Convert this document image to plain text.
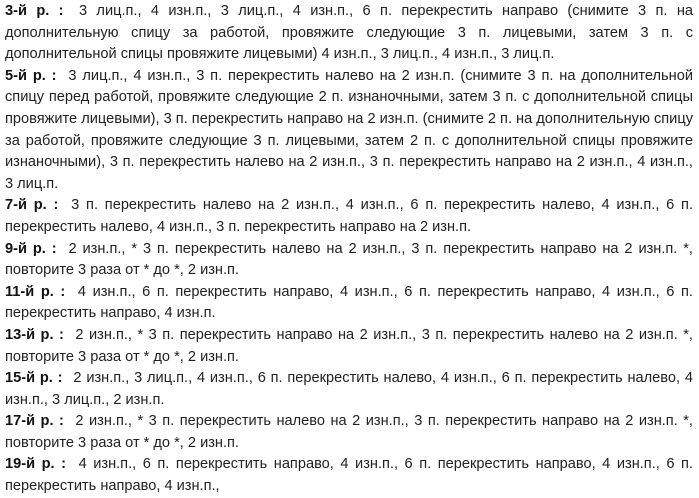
3-й р. : 3 лиц.п., 4 изн.п., 3 лиц.п., 4 изн.п., 6 п. перекрестить направо (снимите 3 п. на дополнительную спицу за работой, провяжите следующие 3 п. лицевыми, затем 3 п. с дополнительной спицы провяжите лицевыми) 4 изн.п., 3 лиц.п., 4 изн.п., 3 лиц.п.

5-й р. : 3 лиц.п., 4 изн.п., 3 п. перекрестить налево на 2 изн.п. (снимите 3 п. на дополнительной спицу перед работой, провяжите следующие 2 п. изнаночными, затем 3 п. с дополнительной спицы провяжите лицевыми), 3 п. перекрестить направо на 2 изн.п. (снимите 2 п. на дополнительную спицу за работой, провяжите следующие 3 п. лицевыми, затем 2 п. с дополнительной спицы провяжите изнаночными), 3 п. перекрестить налево на 2 изн.п., 3 п. перекрестить направо на 2 изн.п., 4 изн.п., 3 лиц.п.

7-й р. : 3 п. перекрестить налево на 2 изн.п., 4 изн.п., 6 п. перекрестить налево, 4 изн.п., 6 п. перекрестить налево, 4 изн.п., 3 п. перекрестить направо на 2 изн.п.

9-й р. : 2 изн.п., * 3 п. перекрестить налево на 2 изн.п., 3 п. перекрестить направо на 2 изн.п. *, повторите 3 раза от * до *, 2 изн.п.

11-й р. : 4 изн.п., 6 п. перекрестить направо, 4 изн.п., 6 п. перекрестить направо, 4 изн.п., 6 п. перекрестить направо, 4 изн.п.

13-й р. : 2 изн.п., * 3 п. перекрестить направо на 2 изн.п., 3 п. перекрестить налево на 2 изн.п. *, повторите 3 раза от * до *, 2 изн.п.

15-й р. : 2 изн.п., 3 лиц.п., 4 изн.п., 6 п. перекрестить налево, 4 изн.п., 6 п. перекрестить налево, 4 изн.п., 3 лиц.п., 2 изн.п.

17-й р. : 2 изн.п., * 3 п. перекрестить налево на 2 изн.п., 3 п. перекрестить направо на 2 изн.п. *, повторите 3 раза от * до *, 2 изн.п.

19-й р. : 4 изн.п., 6 п. перекрестить направо, 4 изн.п., 6 п. перекрестить направо, 4 изн.п., 6 п. перекрестить направо, 4 изн.п.,
